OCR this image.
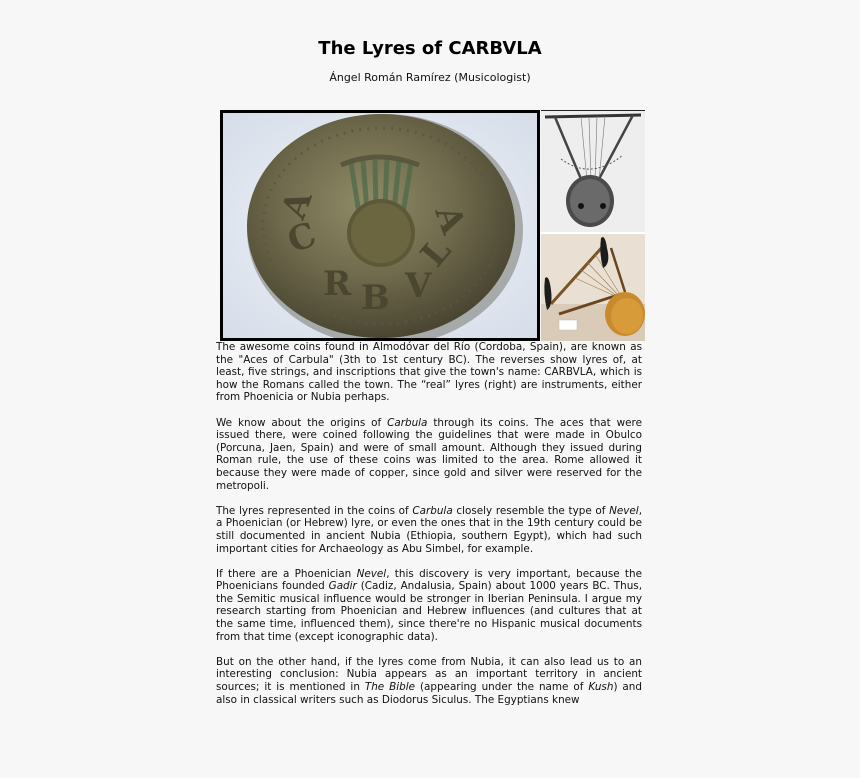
The Lyres of CARBVLA
Ángel Román Ramírez (Musicologist)
C
A
R B V
L
A

The awesome coins found in Almodóvar del Río (Cordoba, Spain), are known as the "Aces of Carbula" (3th to 1st century BC). The reverses show lyres of, at least, five strings, and inscriptions that give the town's name: CARBVLA, which is how the Romans called the town. The “real” lyres (right) are instruments, either from Phoenicia or Nubia perhaps.

We know about the origins of Carbula through its coins. The aces that were issued there, were coined following the guidelines that were made in Obulco (Porcuna, Jaen, Spain) and were of small amount. Although they issued during Roman rule, the use of these coins was limited to the area. Rome allowed it because they were made of copper, since gold and silver were reserved for the metropoli.

The lyres represented in the coins of Carbula closely resemble the type of Nevel, a Phoenician (or Hebrew) lyre, or even the ones that in the 19th century could be still documented in ancient Nubia (Ethiopia, southern Egypt), which had such important cities for Archaeology as Abu Simbel, for example.

If there are a Phoenician Nevel, this discovery is very important, because the Phoenicians founded Gadir (Cadiz, Andalusia, Spain) about 1000 years BC. Thus, the Semitic musical influence would be stronger in Iberian Peninsula. I argue my research starting from Phoenician and Hebrew influences (and cultures that at the same time, influenced them), since there're no Hispanic musical documents from that time (except iconographic data).

But on the other hand, if the lyres come from Nubia, it can also lead us to an interesting conclusion: Nubia appears as an important territory in ancient sources; it is mentioned in The Bible (appearing under the name of Kush) and also in classical writers such as Diodorus Siculus. The Egyptians knew
